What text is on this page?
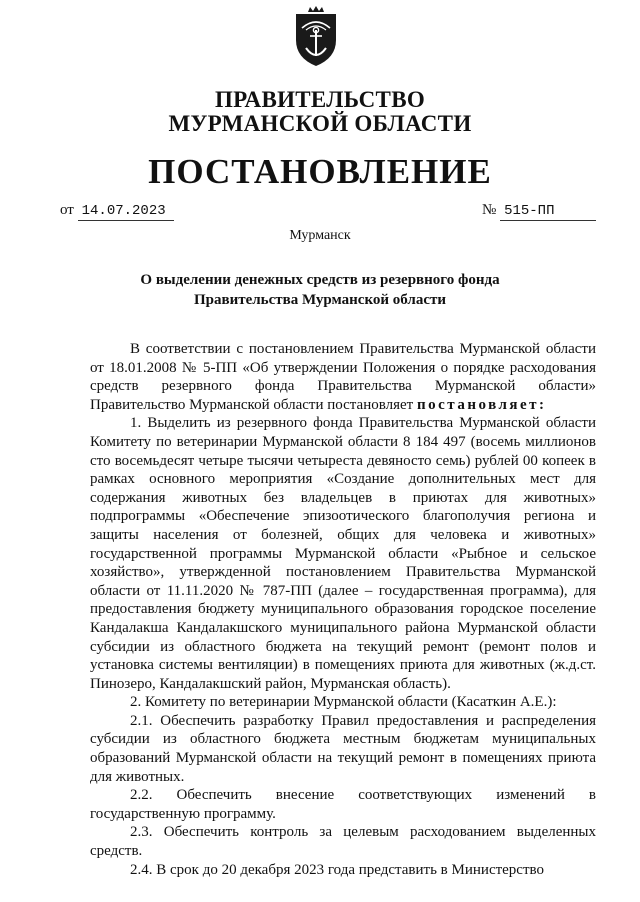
ПРАВИТЕЛЬСТВО
МУРМАНСКОЙ ОБЛАСТИ
ПОСТАНОВЛЕНИЕ
от 14.07.2023	№ 515-ПП
Мурманск
О выделении денежных средств из резервного фонда
Правительства Мурманской области

В соответствии с постановлением Правительства Мурманской области от 18.01.2008 № 5-ПП «Об утверждении Положения о порядке расходования средств резервного фонда Правительства Мурманской области» Правительство Мурманской области постановляет постановляет:

1. Выделить из резервного фонда Правительства Мурманской области Комитету по ветеринарии Мурманской области 8 184 497 (восемь миллионов сто восемьдесят четыре тысячи четыреста девяносто семь) рублей 00 копеек в рамках основного мероприятия «Создание дополнительных мест для содержания животных без владельцев в приютах для животных» подпрограммы «Обеспечение эпизоотического благополучия региона и защиты населения от болезней, общих для человека и животных» государственной программы Мурманской области «Рыбное и сельское хозяйство», утвержденной постановлением Правительства Мурманской области от 11.11.2020 № 787-ПП (далее – государственная программа), для предоставления бюджету муниципального образования городское поселение Кандалакша Кандалакшского муниципального района Мурманской области субсидии из областного бюджета на текущий ремонт (ремонт полов и установка системы вентиляции) в помещениях приюта для животных (ж.д.ст. Пинозеро, Кандалакшский район, Мурманская область).

2. Комитету по ветеринарии Мурманской области (Касаткин А.Е.):

2.1. Обеспечить разработку Правил предоставления и распределения субсидии из областного бюджета местным бюджетам муниципальных образований Мурманской области на текущий ремонт в помещениях приюта для животных.

2.2. Обеспечить внесение соответствующих изменений в государственную программу.

2.3. Обеспечить контроль за целевым расходованием выделенных средств.

2.4. В срок до 20 декабря 2023 года представить в Министерство
